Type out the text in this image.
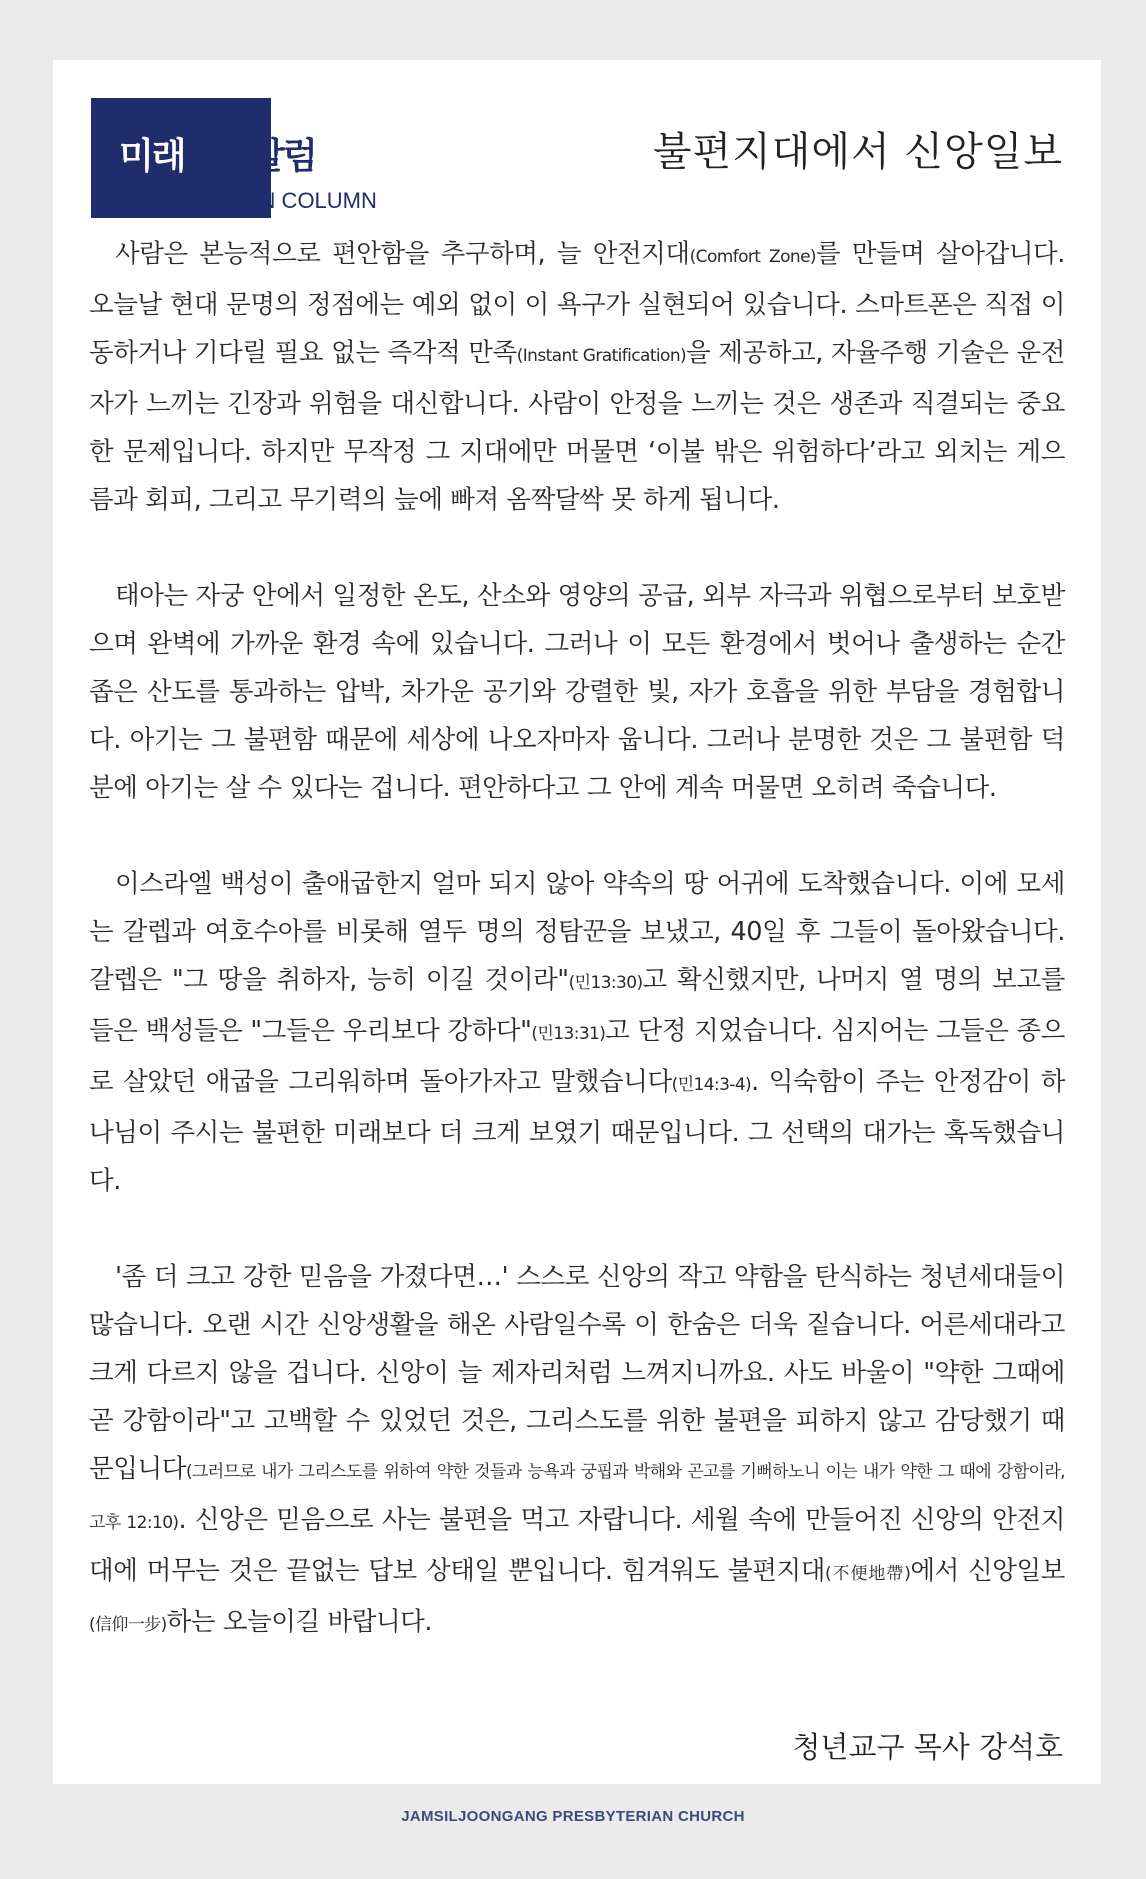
미래세대칼럼
F-GEN COLUMN
불편지대에서 신앙일보

사람은 본능적으로 편안함을 추구하며, 늘 안전지대(Comfort Zone)를 만들며 살아갑니다. 오늘날 현대 문명의 정점에는 예외 없이 이 욕구가 실현되어 있습니다. 스마트폰은 직접 이동하거나 기다릴 필요 없는 즉각적 만족(Instant Gratification)을 제공하고, 자율주행 기술은 운전자가 느끼는 긴장과 위험을 대신합니다. 사람이 안정을 느끼는 것은 생존과 직결되는 중요한 문제입니다. 하지만 무작정 그 지대에만 머물면 ‘이불 밖은 위험하다’라고 외치는 게으름과 회피, 그리고 무기력의 늪에 빠져 옴짝달싹 못 하게 됩니다.

태아는 자궁 안에서 일정한 온도, 산소와 영양의 공급, 외부 자극과 위협으로부터 보호받으며 완벽에 가까운 환경 속에 있습니다. 그러나 이 모든 환경에서 벗어나 출생하는 순간 좁은 산도를 통과하는 압박, 차가운 공기와 강렬한 빛, 자가 호흡을 위한 부담을 경험합니다. 아기는 그 불편함 때문에 세상에 나오자마자 웁니다. 그러나 분명한 것은 그 불편함 덕분에 아기는 살 수 있다는 겁니다. 편안하다고 그 안에 계속 머물면 오히려 죽습니다.

이스라엘 백성이 출애굽한지 얼마 되지 않아 약속의 땅 어귀에 도착했습니다. 이에 모세는 갈렙과 여호수아를 비롯해 열두 명의 정탐꾼을 보냈고, 40일 후 그들이 돌아왔습니다. 갈렙은 "그 땅을 취하자, 능히 이길 것이라"(민13:30)고 확신했지만, 나머지 열 명의 보고를 들은 백성들은 "그들은 우리보다 강하다"(민13:31)고 단정 지었습니다. 심지어는 그들은 종으로 살았던 애굽을 그리워하며 돌아가자고 말했습니다(민14:3-4). 익숙함이 주는 안정감이 하나님이 주시는 불편한 미래보다 더 크게 보였기 때문입니다. 그 선택의 대가는 혹독했습니다.

'좀 더 크고 강한 믿음을 가졌다면…' 스스로 신앙의 작고 약함을 탄식하는 청년세대들이 많습니다. 오랜 시간 신앙생활을 해온 사람일수록 이 한숨은 더욱 짙습니다. 어른세대라고 크게 다르지 않을 겁니다. 신앙이 늘 제자리처럼 느껴지니까요. 사도 바울이 "약한 그때에 곧 강함이라"고 고백할 수 있었던 것은, 그리스도를 위한 불편을 피하지 않고 감당했기 때문입니다(그러므로 내가 그리스도를 위하여 약한 것들과 능욕과 궁핍과 박해와 곤고를 기뻐하노니 이는 내가 약한 그 때에 강함이라, 고후 12:10). 신앙은 믿음으로 사는 불편을 먹고 자랍니다. 세월 속에 만들어진 신앙의 안전지대에 머무는 것은 끝없는 답보 상태일 뿐입니다. 힘겨워도 불편지대(不便地帶)에서 신앙일보(信仰一步)하는 오늘이길 바랍니다.

청년교구 목사 강석호
JAMSILJOONGANG PRESBYTERIAN CHURCH
